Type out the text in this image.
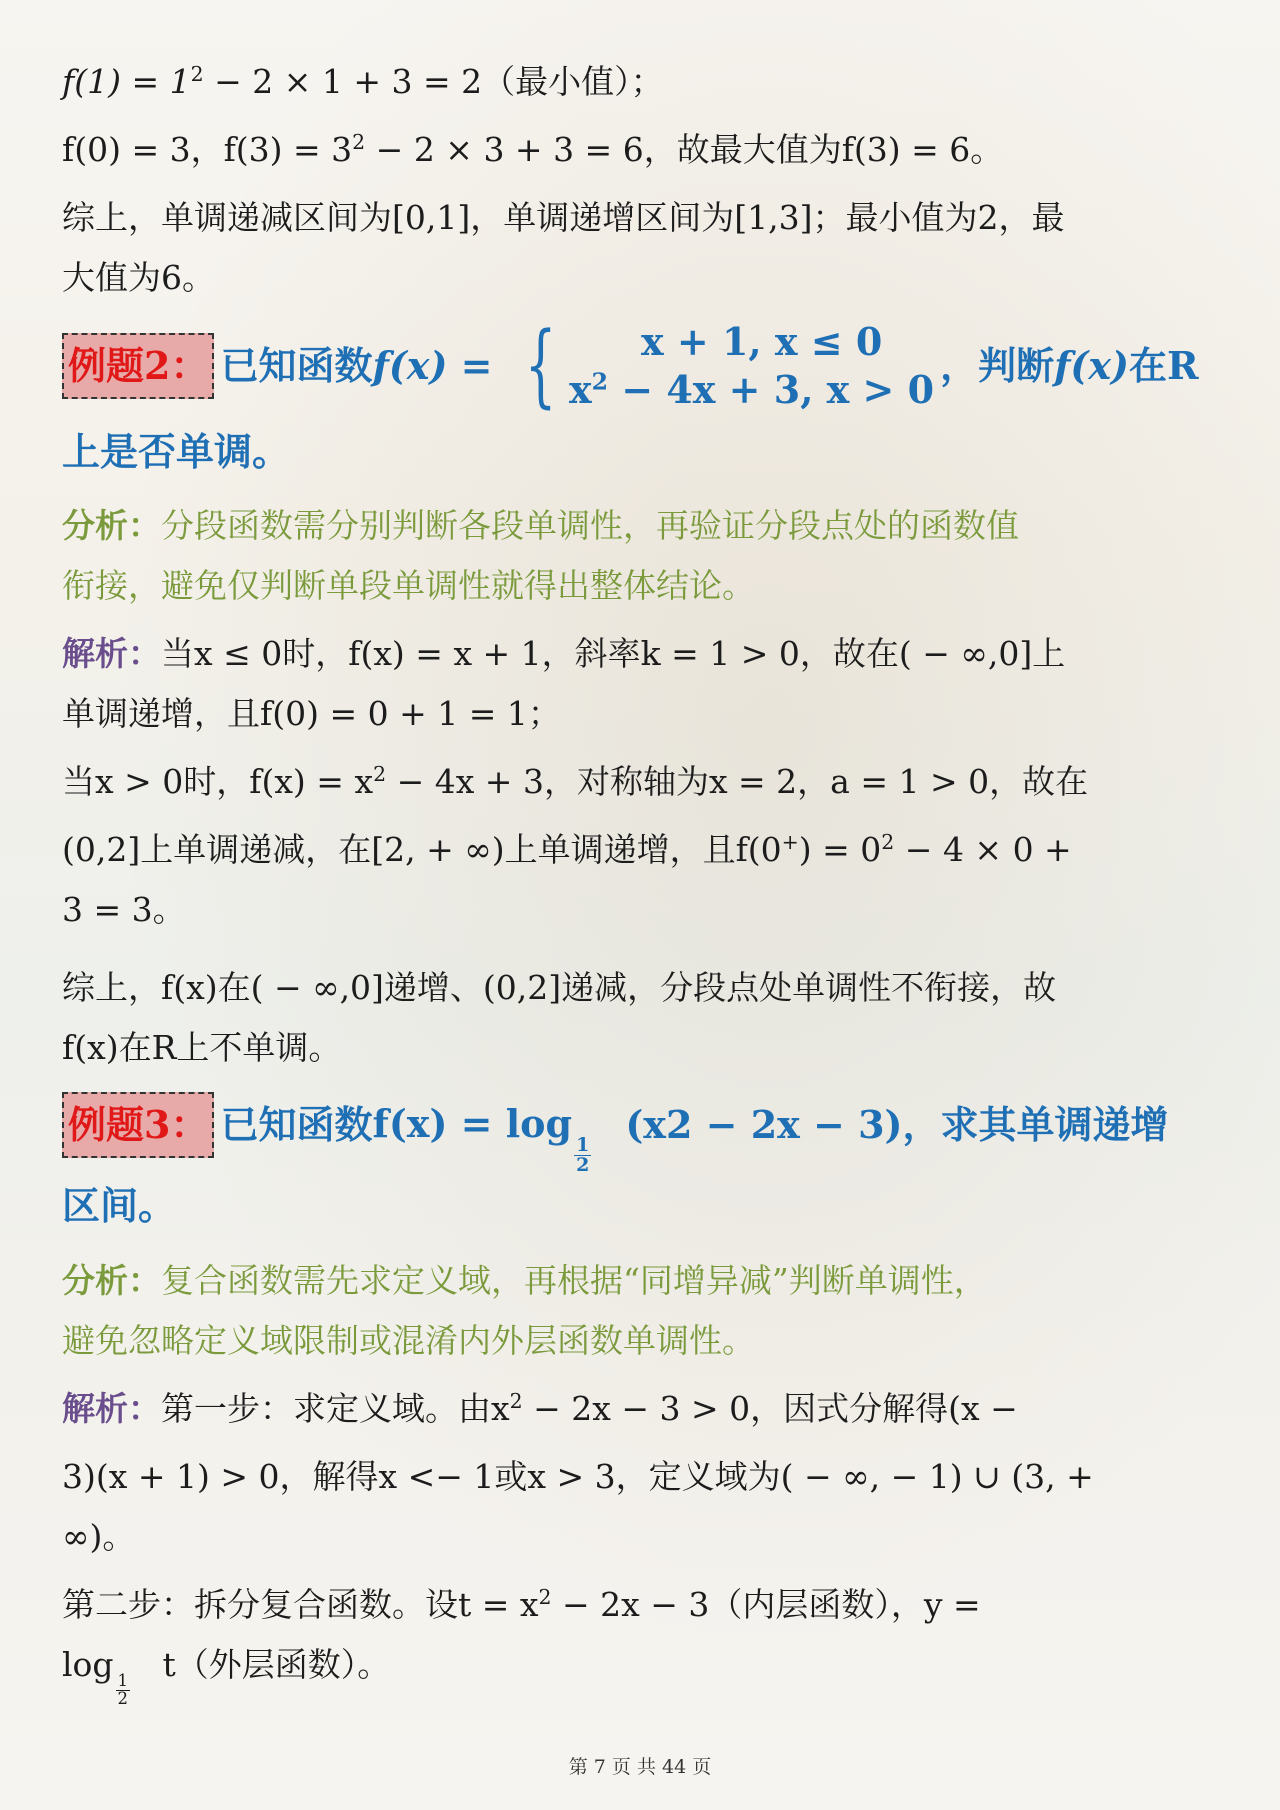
$f(1) = 1^2 - 2 \times 1 + 3 = 2$（最小值）；
f(0) = 3，$f(3) = 3^2 - 2 \times 3 + 3 = 6$，故最大值为f(3) = 6。
综上，单调递减区间为[0,1]，单调递增区间为[1,3]；最小值为2，最
大值为6。
例题2： 已知函数 f(x) = {	x + 1, x ≤ 0
$x^2 - 4x + 3$, x > 0
，判断 f(x) 在R
上是否单调。
分析：分段函数需分别判断各段单调性，再验证分段点处的函数值
衔接，避免仅判断单段单调性就得出整体结论。
解析：当x ≤ 0时，f(x) = x + 1，斜率k = 1 > 0，故在( − ∞,0]上
单调递增，且f(0) = 0 + 1 = 1；
当x > 0时，$f(x) = x^2 - 4x + 3$，对称轴为x = 2，a = 1 > 0，故在
(0,2]上单调递减，在[2, + ∞)上单调递增，且$f(0^+) = 0^2 - 4 \times 0$ +
3 = 3。
综上，f(x)在( − ∞,0]递增、(0,2]递减，分段点处单调性不衔接，故
f(x)在R上不单调。
例题3： 已知函数 f(x) = log
$\frac{1}{2}$
(x 2 − 2x − 3)，求其单调递增
区间。
分析：复合函数需先求定义域，再根据“同增异减”判断单调性，
避免忽略定义域限制或混淆内外层函数单调性。
解析：第一步：求定义域。由$x^2 - 2x - 3 > 0$，因式分解得(x −
3)(x + 1) > 0，解得x <− 1或x > 3，定义域为( − ∞, − 1) ∪ (3, +
∞)。
第二步：拆分复合函数。设$t = x^2 - 2x - 3$（内层函数），y =
log
$\frac{1}{2}$
t（外层函数）。
第 7 页 共 44 页
